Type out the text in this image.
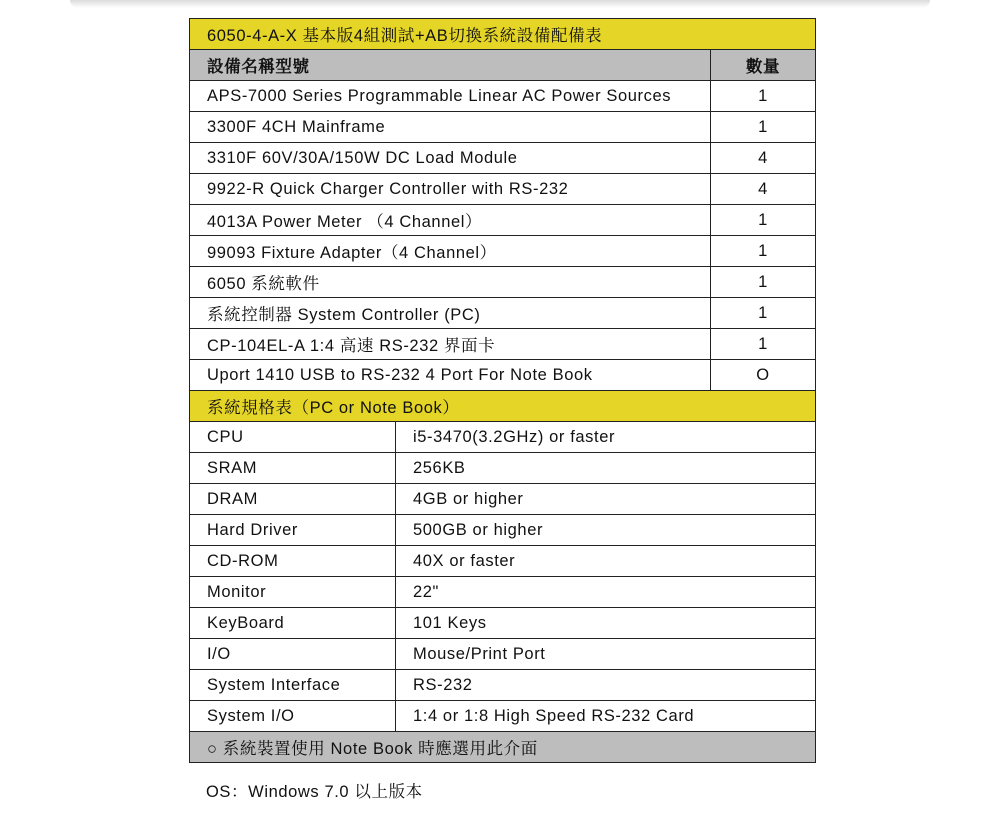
6050-4-A-X 基本版4組測試+AB切換系統設備配備表
設備名稱型號	數量
APS-7000 Series Programmable Linear AC Power Sources	1
3300F 4CH Mainframe	1
3310F 60V/30A/150W DC Load Module	4
9922-R Quick Charger Controller with RS-232	4
4013A Power Meter （4 Channel）	1
99093 Fixture Adapter（4 Channel）	1
6050 系統軟件	1
系統控制器 System Controller (PC)	1
CP-104EL-A 1:4 高速 RS-232 界面卡	1
Uport 1410 USB to RS-232 4 Port For Note Book	O
系統規格表（PC or Note Book）
CPU	i5-3470(3.2GHz) or faster
SRAM	256KB
DRAM	4GB or higher
Hard Driver	500GB or higher
CD-ROM	40X or faster
Monitor	22"
KeyBoard	101 Keys
I/O	Mouse/Print Port
System Interface	RS-232
System I/O	1:4 or 1:8 High Speed RS-232 Card
○ 系統裝置使用 Note Book 時應選用此介面
OS：Windows 7.0 以上版本
